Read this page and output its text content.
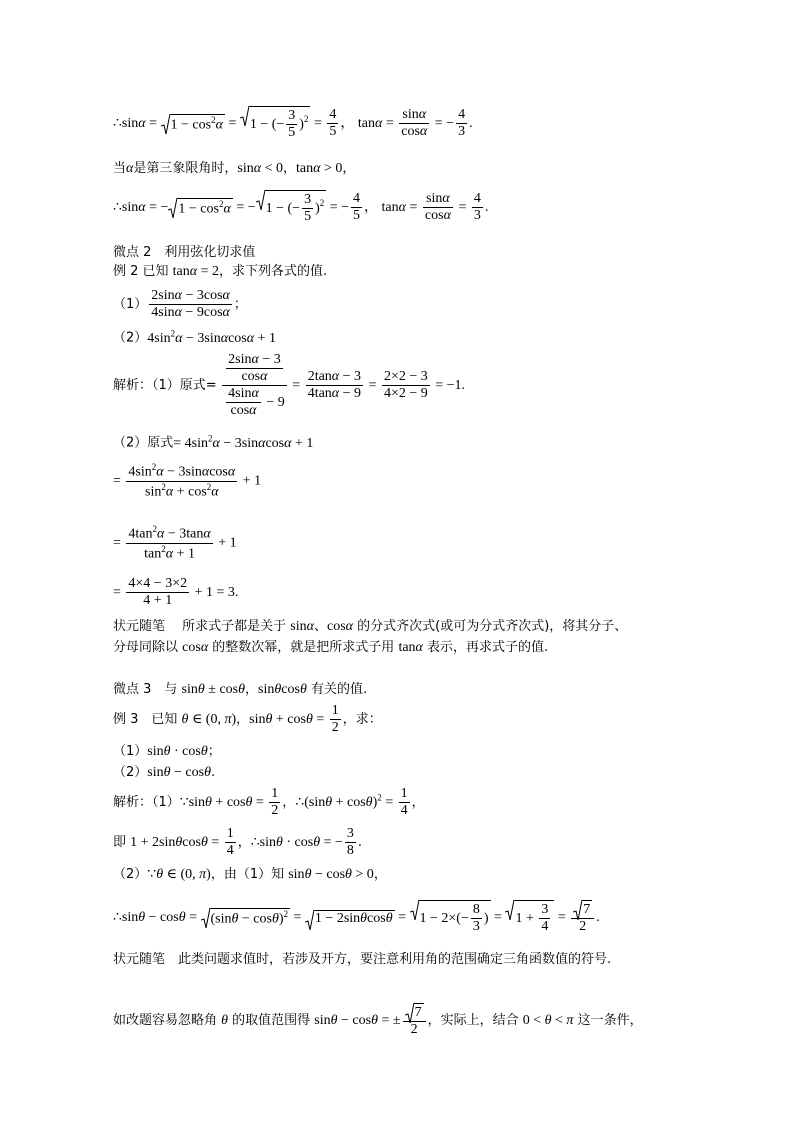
∴sinα =
$1 - \cos^2\alpha$ =
1 − (− $\frac{3}{5} )^2 = \frac{4}{5}$ ， $\tan\alpha = \frac{\sin\alpha}{\cos\alpha}$ = − $\frac{4}{3}$ .
当α是第三象限角时，sinα < 0，tanα > 0，
∴sinα = − $1 - \cos^2\alpha$ = − 1 − (− $\frac{3}{5} )^2$ = − $\frac{4}{5}$ ， $\tan\alpha = \frac{\sin\alpha}{\cos\alpha} = \frac{4}{3}$ .
微点 2　利用弦化切求值
例 2 已知 tanα = 2，求下列各式的值.
$(1) \frac{2\sin\alpha - 3\cos\alpha}{4\sin\alpha - 9\cos\alpha}$ ；
$(2)4\sin^2\alpha - 3\sin\alpha\cos\alpha + 1$
解析：（1）原式= $\frac{\frac{2\sin\alpha - 3}{\cos\alpha}}{\frac{4\sin\alpha}{\cos\alpha} - 9} = \frac{2\tan\alpha - 3}{4\tan\alpha - 9} = \frac{2\times 2 - 3}{4\times 2 - 9} = -1$.
（2）原式= $4\sin^2\alpha - 3\sin\alpha\cos\alpha + 1$
= $\frac{4\sin^2\alpha - 3\sin\alpha\cos\alpha}{\sin^2\alpha + \cos^2\alpha} + 1$
= $\frac{4\tan^2\alpha - 3\tan\alpha}{\tan^2\alpha + 1} + 1$
= $\frac{4\times 4 - 3\times 2}{4 + 1} + 1 = 3$.
状元随笔　 所求式子都是关于 sinα、cosα 的分式齐次式(或可为分式齐次式)，将其分子、
分母同除以 cosα 的整数次幂，就是把所求式子用 tanα 表示，再求式子的值.
微点 3　与 sinθ ± cosθ，sinθcosθ 有关的值.
例 3　已知 θ ∈ (0, π)，$\sin\theta + \cos\theta = \frac{1}{2}$ ，求：
（1）sinθ · cosθ；
（2）sinθ − cosθ.
解析：（1）∵sinθ + $\cos\theta = \frac{1}{2}$ ，∴(sinθ + $\cos\theta)^2 = \frac{1}{4}$ ，
即 $1 + 2\sin\theta\cos\theta = \frac{1}{4}$ ，∴sinθ · cosθ = − $\frac{3}{8}$ .
（2）∵θ ∈ (0, π)，由（1）知 sinθ − cosθ > 0，
∴sinθ − cosθ =
$(\sin\theta - \cos\theta)^2$ =
1 − 2sinθcosθ =
$1 - 2\times(- \frac{8}{3}$ ) =
$1 + \frac{3}{4} = \frac{7}{2}$ .
状元随笔　此类问题求值时，若涉及开方，要注意利用角的范围确定三角函数值的符号.
如改题容易忽略角 θ 的取值范围得 sinθ − cosθ = ± $\frac{7}{2}$ ，实际上，结合 0 < θ < π 这一条件，
